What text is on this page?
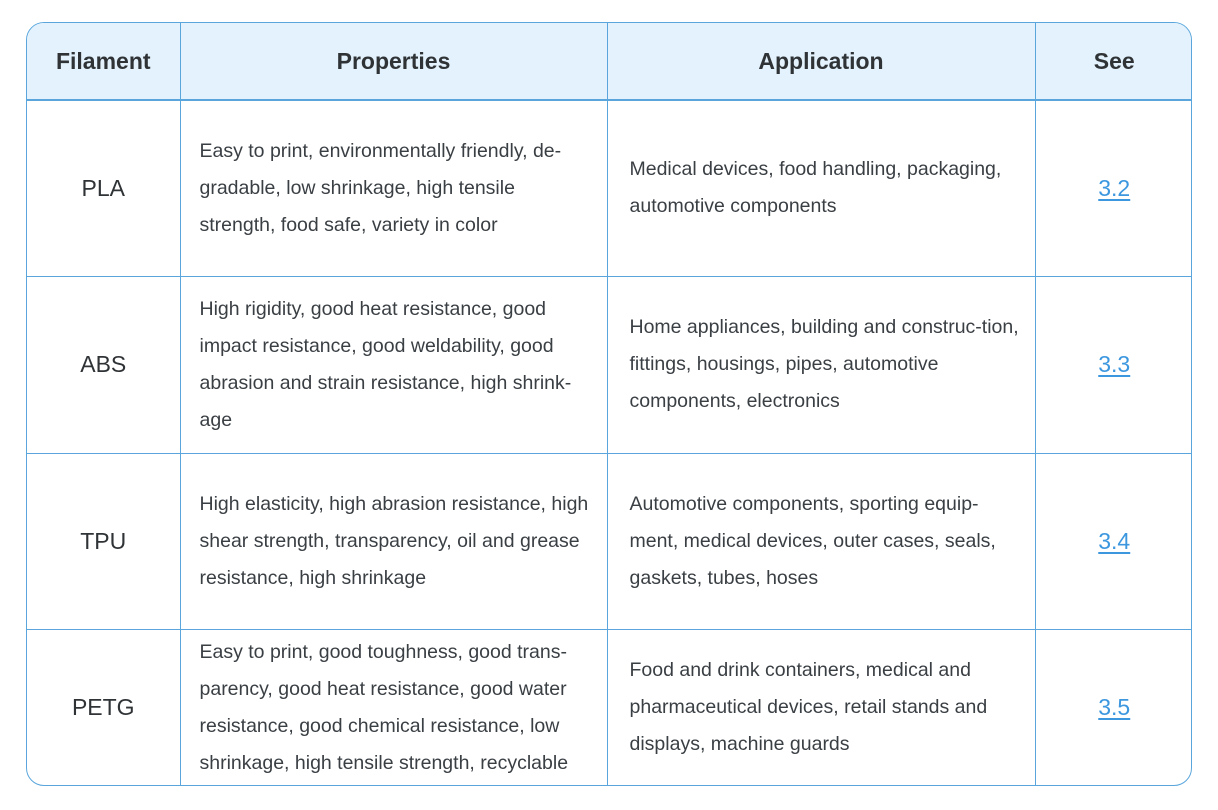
Filament	Properties	Application	See
PLA	Easy to print, environmentally friendly, de-gradable, low shrinkage, high tensile strength, food safe, variety in color	Medical devices, food handling, packaging, automotive components	3.2
ABS	High rigidity, good heat resistance, good impact resistance, good weldability, good abrasion and strain resistance, high shrink-age	Home appliances, building and construc-tion, fittings, housings, pipes, automotive components, electronics	3.3
TPU	High elasticity, high abrasion resistance, high shear strength, transparency, oil and grease resistance, high shrinkage	Automotive components, sporting equip-ment, medical devices, outer cases, seals, gaskets, tubes, hoses	3.4
PETG	Easy to print, good toughness, good trans-parency, good heat resistance, good water resistance, good chemical resistance, low shrinkage, high tensile strength, recyclable	Food and drink containers, medical and pharmaceutical devices, retail stands and displays, machine guards	3.5
